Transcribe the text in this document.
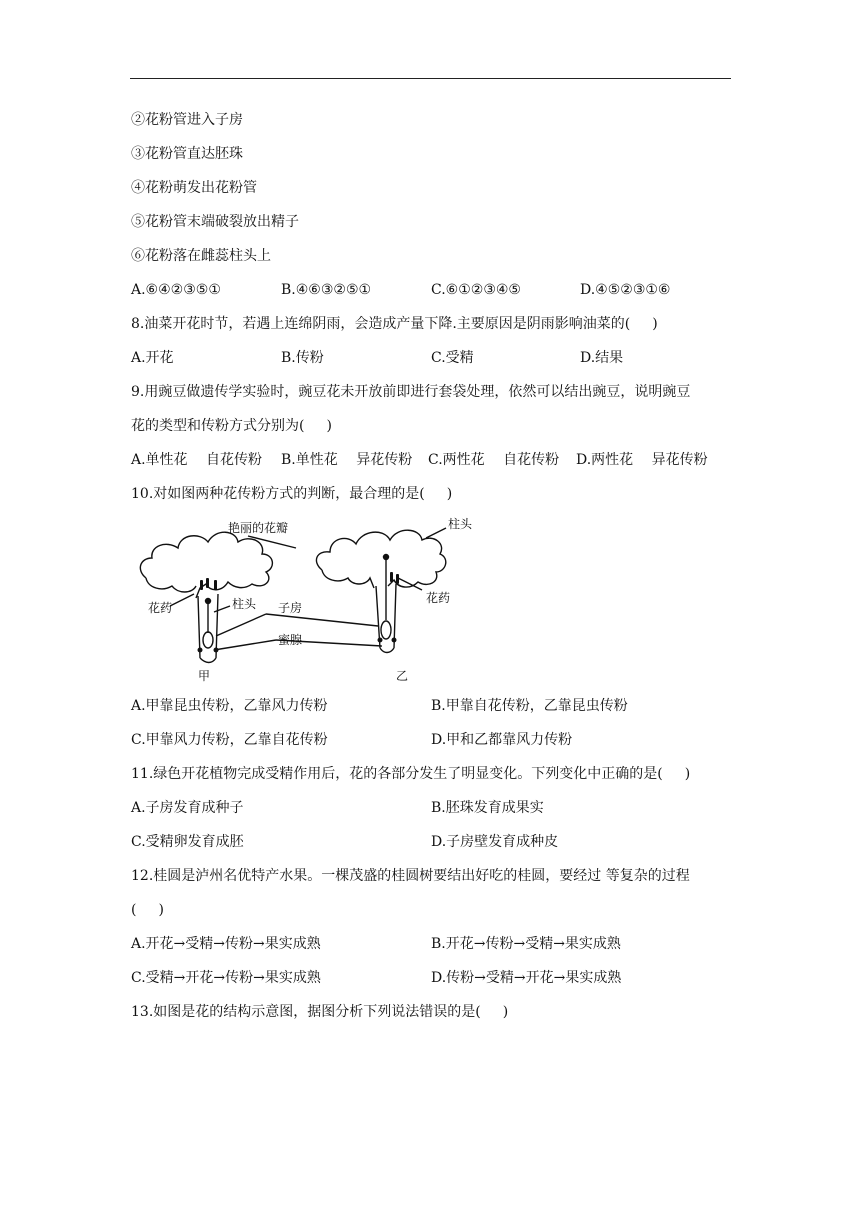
②花粉管进入子房
③花粉管直达胚珠
④花粉萌发出花粉管
⑤花粉管末端破裂放出精子
⑥花粉落在雌蕊柱头上
A.⑥④②③⑤①	B.④⑥③②⑤①	C.⑥①②③④⑤	D.④⑤②③①⑥
8.油菜开花时节，若遇上连绵阴雨，会造成产量下降.主要原因是阴雨影响油菜的( )
A.开花	B.传粉	C.受精	D.结果
9.用豌豆做遗传学实验时，豌豆花未开放前即进行套袋处理，依然可以结出豌豆，说明豌豆
花的类型和传粉方式分别为( )
A.单性花　 自花传粉 B.单性花　 异花传粉 C.两性花　 自花传粉 D.两性花　 异花传粉
10.对如图两种花传粉方式的判断，最合理的是( )
艳丽的花瓣	柱头
花药	柱头 子房
花药
蜜腺
甲	乙
A.甲靠昆虫传粉，乙靠风力传粉	B.甲靠自花传粉，乙靠昆虫传粉
C.甲靠风力传粉，乙靠自花传粉	D.甲和乙都靠风力传粉
11.绿色开花植物完成受精作用后，花的各部分发生了明显变化。下列变化中正确的是( )
A.子房发育成种子	B.胚珠发育成果实
C.受精卵发育成胚	D.子房壁发育成种皮
12.桂圆是泸州名优特产水果。一棵茂盛的桂圆树要结出好吃的桂圆，要经过 等复杂的过程
( )
A.开花→受精→传粉→果实成熟	B.开花→传粉→受精→果实成熟
C.受精→开花→传粉→果实成熟	D.传粉→受精→开花→果实成熟
13.如图是花的结构示意图，据图分析下列说法错误的是( )
